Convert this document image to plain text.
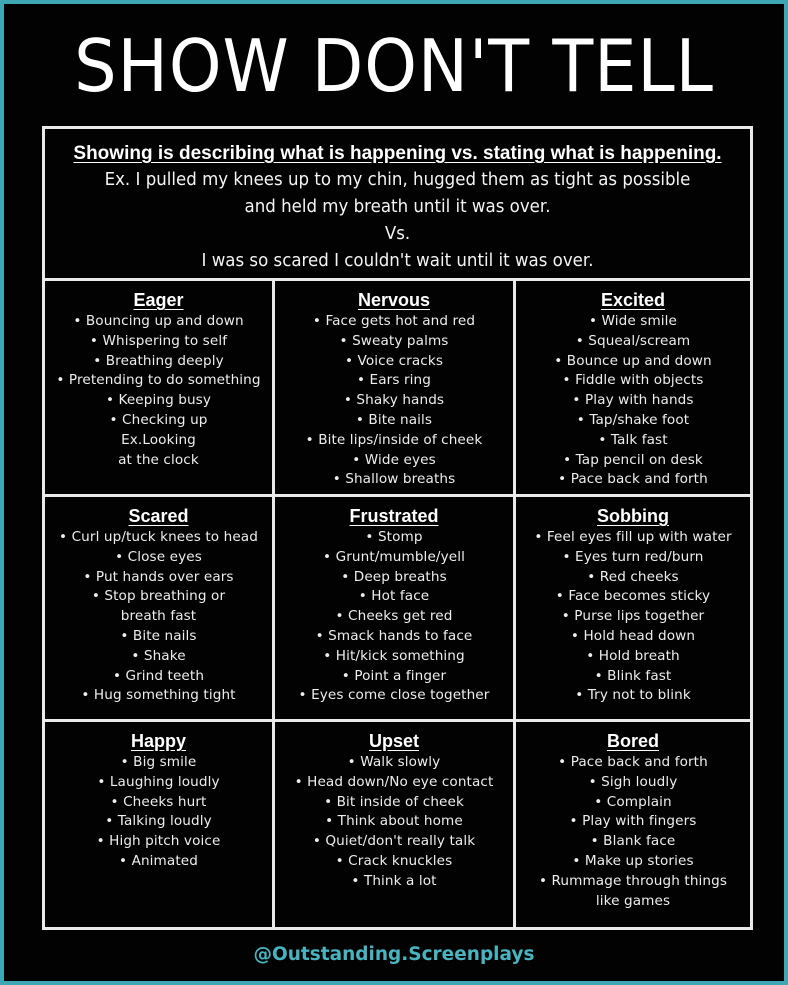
SHOW DON'T TELL

Showing is describing what is happening vs. stating what is happening.

Ex. I pulled my knees up to my chin, hugged them as tight as possible

and held my breath until it was over.

Vs.

I was so scared I couldn't wait until it was over.

Eager
• Bouncing up and down
• Whispering to self
• Breathing deeply
• Pretending to do something
• Keeping busy
• Checking up
Ex.Looking
at the clock
Nervous
• Face gets hot and red
• Sweaty palms
• Voice cracks
• Ears ring
• Shaky hands
• Bite nails
• Bite lips/inside of cheek
• Wide eyes
• Shallow breaths
Excited
• Wide smile
• Squeal/scream
• Bounce up and down
• Fiddle with objects
• Play with hands
• Tap/shake foot
• Talk fast
• Tap pencil on desk
• Pace back and forth
Scared
• Curl up/tuck knees to head
• Close eyes
• Put hands over ears
• Stop breathing or
breath fast
• Bite nails
• Shake
• Grind teeth
• Hug something tight
Frustrated
• Stomp
• Grunt/mumble/yell
• Deep breaths
• Hot face
• Cheeks get red
• Smack hands to face
• Hit/kick something
• Point a finger
• Eyes come close together
Sobbing
• Feel eyes fill up with water
• Eyes turn red/burn
• Red cheeks
• Face becomes sticky
• Purse lips together
• Hold head down
• Hold breath
• Blink fast
• Try not to blink
Happy
• Big smile
• Laughing loudly
• Cheeks hurt
• Talking loudly
• High pitch voice
• Animated
Upset
• Walk slowly
• Head down/No eye contact
• Bit inside of cheek
• Think about home
• Quiet/don't really talk
• Crack knuckles
• Think a lot
Bored
• Pace back and forth
• Sigh loudly
• Complain
• Play with fingers
• Blank face
• Make up stories
• Rummage through things
like games
@Outstanding.Screenplays
